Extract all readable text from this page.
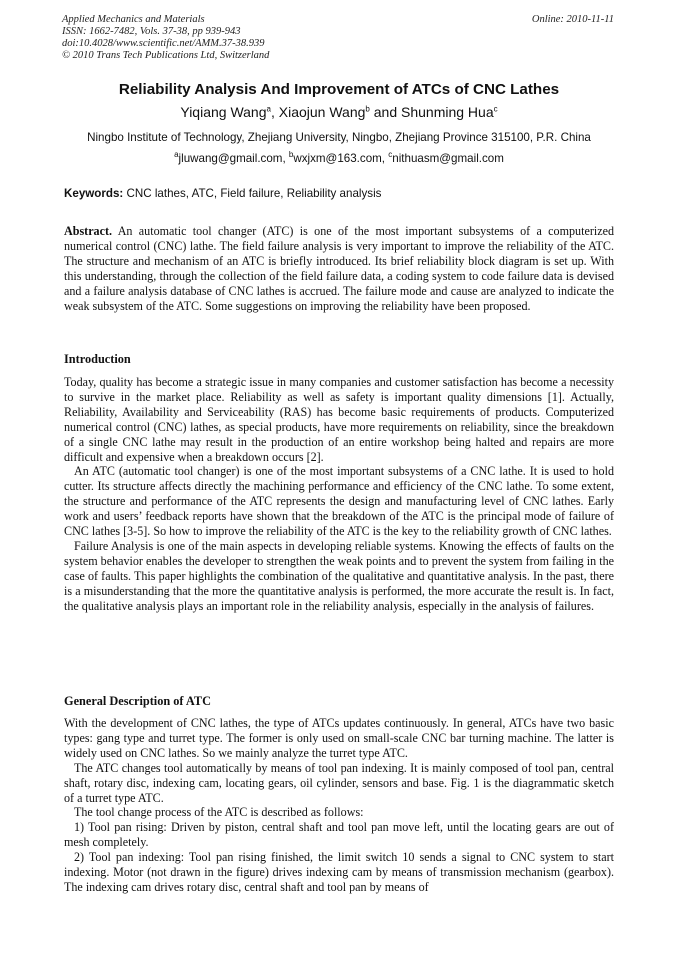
Applied Mechanics and Materials
ISSN: 1662-7482, Vols. 37-38, pp 939-943
doi:10.4028/www.scientific.net/AMM.37-38.939
© 2010 Trans Tech Publications Ltd, Switzerland
Online: 2010-11-11
Reliability Analysis And Improvement of ATCs of CNC Lathes
Yiqiang Wang$^a$, Xiaojun Wang$^b$ and Shunming Hua$^c$
Ningbo Institute of Technology, Zhejiang University, Ningbo, Zhejiang Province 315100, P.R. China
$^a$jluwang@gmail.com, $^b$wxjxm@163.com, $^c$nithuasm@gmail.com
Keywords: CNC lathes, ATC, Field failure, Reliability analysis

Abstract. An automatic tool changer (ATC) is one of the most important subsystems of a computerized numerical control (CNC) lathe. The field failure analysis is very important to improve the reliability of the ATC. The structure and mechanism of an ATC is briefly introduced. Its brief reliability block diagram is set up. With this understanding, through the collection of the field failure data, a coding system to code failure data is devised and a failure analysis database of CNC lathes is accrued. The failure mode and cause are analyzed to indicate the weak subsystem of the ATC. Some suggestions on improving the reliability have been proposed.

Introduction

Today, quality has become a strategic issue in many companies and customer satisfaction has become a necessity to survive in the market place. Reliability as well as safety is important quality dimensions [1]. Actually, Reliability, Availability and Serviceability (RAS) has become basic requirements of products. Computerized numerical control (CNC) lathes, as special products, have more requirements on reliability, since the breakdown of a single CNC lathe may result in the production of an entire workshop being halted and repairs are more difficult and expensive when a breakdown occurs [2].

An ATC (automatic tool changer) is one of the most important subsystems of a CNC lathe. It is used to hold cutter. Its structure affects directly the machining performance and efficiency of the CNC lathe. To some extent, the structure and performance of the ATC represents the design and manufacturing level of CNC lathes. Early work and users’ feedback reports have shown that the breakdown of the ATC is the principal mode of failure of CNC lathes [3-5]. So how to improve the reliability of the ATC is the key to the reliability growth of CNC lathes.

Failure Analysis is one of the main aspects in developing reliable systems. Knowing the effects of faults on the system behavior enables the developer to strengthen the weak points and to prevent the system from failing in the case of faults. This paper highlights the combination of the qualitative and quantitative analysis. In the past, there is a misunderstanding that the more the quantitative analysis is performed, the more accurate the result is. In fact, the qualitative analysis plays an important role in the reliability analysis, especially in the analysis of failures.

General Description of ATC

With the development of CNC lathes, the type of ATCs updates continuously. In general, ATCs have two basic types: gang type and turret type. The former is only used on small-scale CNC bar turning machine. The latter is widely used on CNC lathes. So we mainly analyze the turret type ATC.

The ATC changes tool automatically by means of tool pan indexing. It is mainly composed of tool pan, central shaft, rotary disc, indexing cam, locating gears, oil cylinder, sensors and base. Fig. 1 is the diagrammatic sketch of a turret type ATC.

The tool change process of the ATC is described as follows:

1) Tool pan rising: Driven by piston, central shaft and tool pan move left, until the locating gears are out of mesh completely.

2) Tool pan indexing: Tool pan rising finished, the limit switch 10 sends a signal to CNC system to start indexing. Motor (not drawn in the figure) drives indexing cam by means of transmission mechanism (gearbox). The indexing cam drives rotary disc, central shaft and tool pan by means of
